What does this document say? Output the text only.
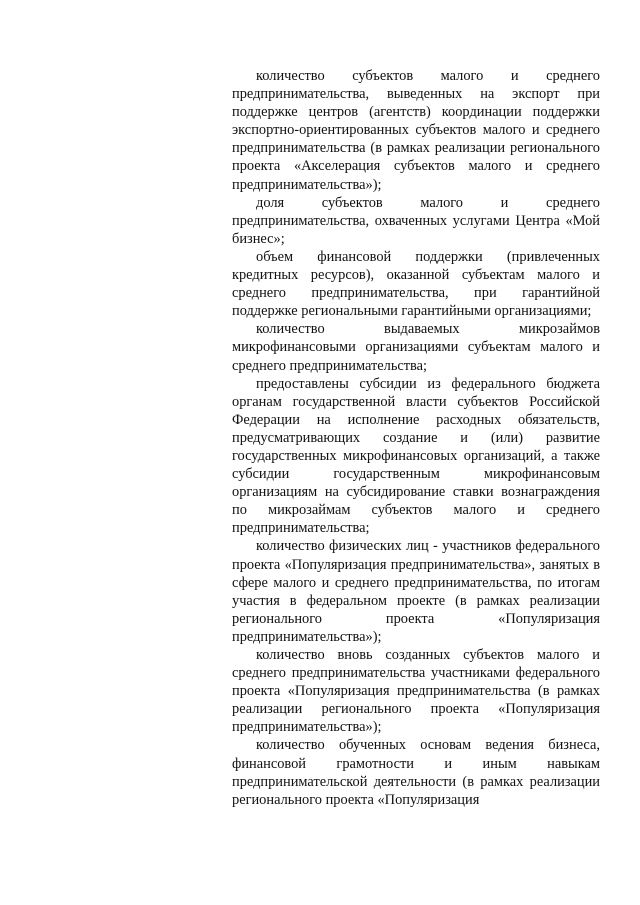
количество субъектов малого и среднего предпринимательства, выведенных на экспорт при поддержке центров (агентств) координации поддержки экспортно-ориентированных субъектов малого и среднего предпринимательства (в рамках реализации регионального проекта «Акселерация субъектов малого и среднего предпринимательства»);

доля субъектов малого и среднего предпринимательства, охваченных услугами Центра «Мой бизнес»;

объем финансовой поддержки (привлеченных кредитных ресурсов), оказанной субъектам малого и среднего предпринимательства, при гарантийной поддержке региональными гарантийными организациями;

количество выдаваемых микрозаймов микрофинансовыми организациями субъектам малого и среднего предпринимательства;

предоставлены субсидии из федерального бюджета органам государственной власти субъектов Российской Федерации на исполнение расходных обязательств, предусматривающих создание и (или) развитие государственных микрофинансовых организаций, а также субсидии государственным микрофинансовым организациям на субсидирование ставки вознаграждения по микрозаймам субъектов малого и среднего предпринимательства;

количество физических лиц - участников федерального проекта «Популяризация предпринимательства», занятых в сфере малого и среднего предпринимательства, по итогам участия в федеральном проекте (в рамках реализации регионального проекта «Популяризация предпринимательства»);

количество вновь созданных субъектов малого и среднего предпринимательства участниками федерального проекта «Популяризация предпринимательства (в рамках реализации регионального проекта «Популяризация предпринимательства»);

количество обученных основам ведения бизнеса, финансовой грамотности и иным навыкам предпринимательской деятельности (в рамках реализации регионального проекта «Популяризация
